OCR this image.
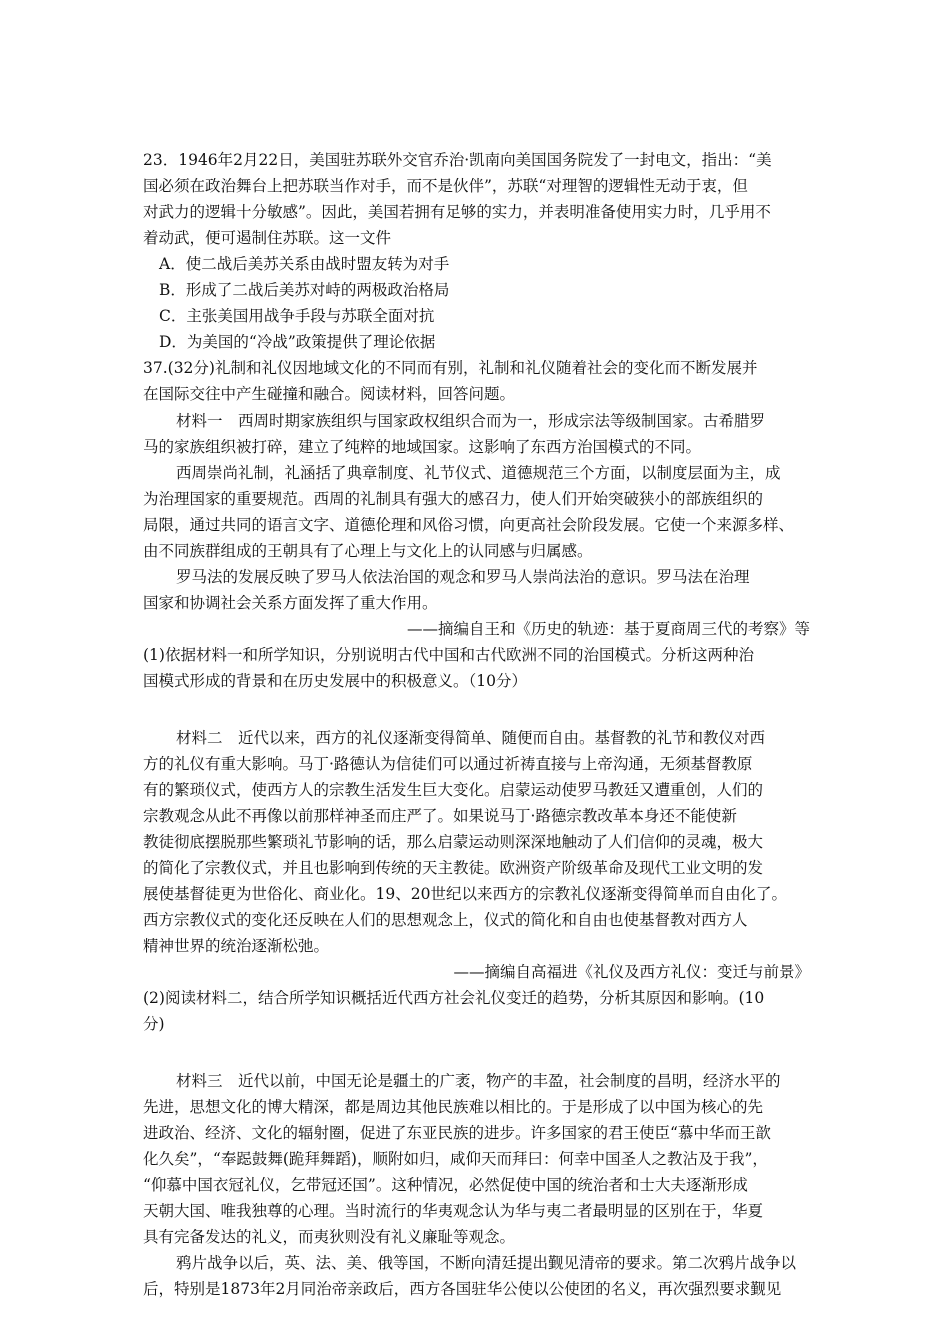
23．1946年2月22日，美国驻苏联外交官乔治·凯南向美国国务院发了一封电文，指出：“美
国必须在政治舞台上把苏联当作对手，而不是伙伴”，苏联“对理智的逻辑性无动于衷，但
对武力的逻辑十分敏感”。因此，美国若拥有足够的实力，并表明准备使用实力时，几乎用不
着动武，便可遏制住苏联。这一文件
A．使二战后美苏关系由战时盟友转为对手
B．形成了二战后美苏对峙的两极政治格局
C．主张美国用战争手段与苏联全面对抗
D．为美国的“冷战”政策提供了理论依据
37.(32分)礼制和礼仪因地域文化的不同而有别，礼制和礼仪随着社会的变化而不断发展并
在国际交往中产生碰撞和融合。阅读材料，回答问题。
材料一　西周时期家族组织与国家政权组织合而为一，形成宗法等级制国家。古希腊罗
马的家族组织被打碎，建立了纯粹的地域国家。这影响了东西方治国模式的不同。
西周崇尚礼制，礼涵括了典章制度、礼节仪式、道德规范三个方面，以制度层面为主，成
为治理国家的重要规范。西周的礼制具有强大的感召力，使人们开始突破狭小的部族组织的
局限，通过共同的语言文字、道德伦理和风俗习惯，向更高社会阶段发展。它使一个来源多样、
由不同族群组成的王朝具有了心理上与文化上的认同感与归属感。
罗马法的发展反映了罗马人依法治国的观念和罗马人崇尚法治的意识。罗马法在治理
国家和协调社会关系方面发挥了重大作用。
——摘编自王和《历史的轨迹：基于夏商周三代的考察》等
(1)依据材料一和所学知识，分别说明古代中国和古代欧洲不同的治国模式。分析这两种治
国模式形成的背景和在历史发展中的积极意义。（10分）
材料二　近代以来，西方的礼仪逐渐变得简单、随便而自由。基督教的礼节和教仪对西
方的礼仪有重大影响。马丁·路德认为信徒们可以通过祈祷直接与上帝沟通，无须基督教原
有的繁琐仪式，使西方人的宗教生活发生巨大变化。启蒙运动使罗马教廷又遭重创，人们的
宗教观念从此不再像以前那样神圣而庄严了。如果说马丁·路德宗教改革本身还不能使新
教徒彻底摆脱那些繁琐礼节影响的话，那么启蒙运动则深深地触动了人们信仰的灵魂，极大
的简化了宗教仪式，并且也影响到传统的天主教徒。欧洲资产阶级革命及现代工业文明的发
展使基督徒更为世俗化、商业化。19、20世纪以来西方的宗教礼仪逐渐变得简单而自由化了。
西方宗教仪式的变化还反映在人们的思想观念上，仪式的简化和自由也使基督教对西方人
精神世界的统治逐渐松弛。
——摘编自高福进《礼仪及西方礼仪：变迁与前景》
(2)阅读材料二，结合所学知识概括近代西方社会礼仪变迁的趋势，分析其原因和影响。(10
分)
材料三　近代以前，中国无论是疆土的广袤，物产的丰盈，社会制度的昌明，经济水平的
先进，思想文化的博大精深，都是周边其他民族难以相比的。于是形成了以中国为核心的先
进政治、经济、文化的辐射圈，促进了东亚民族的进步。许多国家的君王使臣“慕中华而王歆
化久矣”，“奉跽鼓舞(跪拜舞蹈)，顺附如归，咸仰天而拜曰：何幸中国圣人之教沾及于我”，
“仰慕中国衣冠礼仪，乞带冠还国”。这种情况，必然促使中国的统治者和士大夫逐渐形成
天朝大国、唯我独尊的心理。当时流行的华夷观念认为华与夷二者最明显的区别在于，华夏
具有完备发达的礼义，而夷狄则没有礼义廉耻等观念。
鸦片战争以后，英、法、美、俄等国，不断向清廷提出觐见清帝的要求。第二次鸦片战争以
后，特别是1873年2月同治帝亲政后，西方各国驻华公使以公使团的名义，再次强烈要求觐见
